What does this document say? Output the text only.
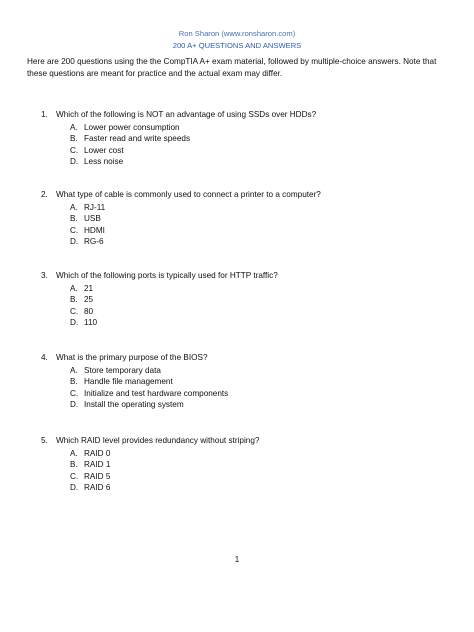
Ron Sharon (www.ronsharon.com)
200 A+ QUESTIONS AND ANSWERS
Here are 200 questions using the the CompTIA A+ exam material, followed by multiple-choice answers. Note that these questions are meant for practice and the actual exam may differ.
1. Which of the following is NOT an advantage of using SSDs over HDDs?
A. Lower power consumption
B. Faster read and write speeds
C. Lower cost
D. Less noise
2. What type of cable is commonly used to connect a printer to a computer?
A. RJ-11
B. USB
C. HDMI
D. RG-6
3. Which of the following ports is typically used for HTTP traffic?
A. 21
B. 25
C. 80
D. 110
4. What is the primary purpose of the BIOS?
A. Store temporary data
B. Handle file management
C. Initialize and test hardware components
D. Install the operating system
5. Which RAID level provides redundancy without striping?
A. RAID 0
B. RAID 1
C. RAID 5
D. RAID 6
1
